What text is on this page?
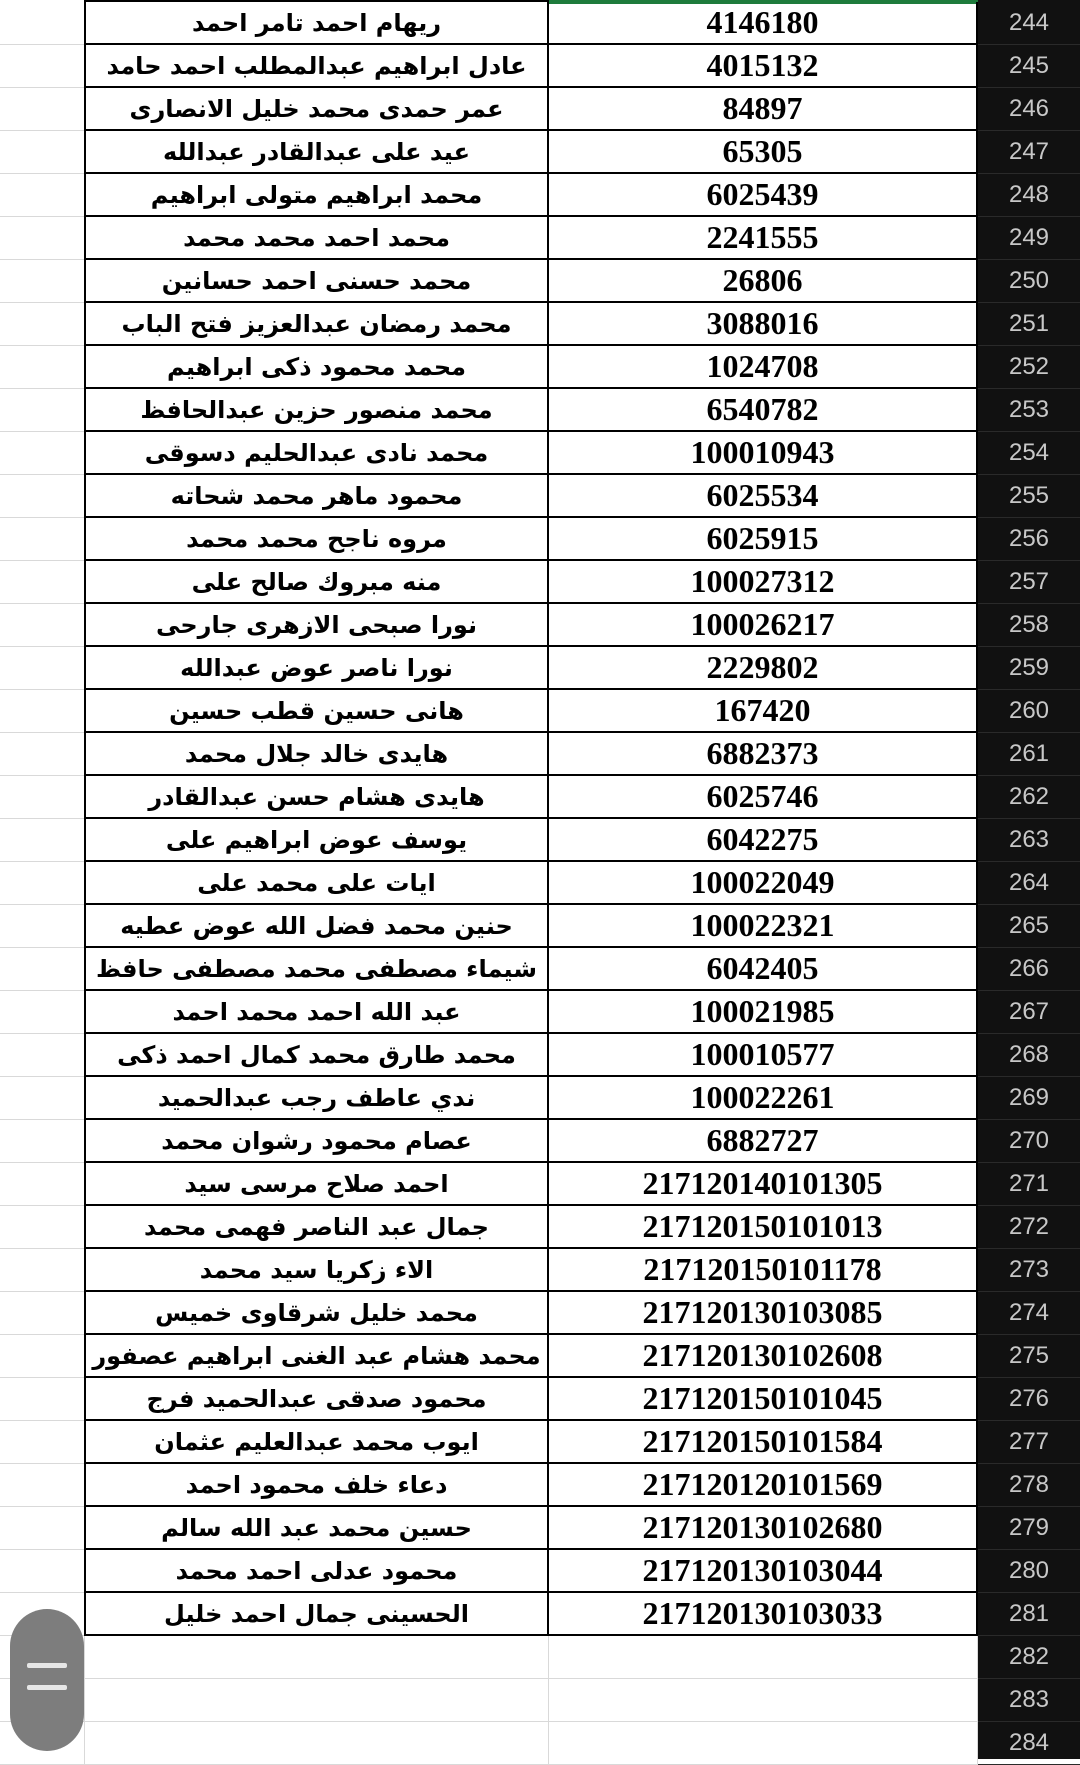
ريهام احمد تامر احمد	4146180
عادل ابراهيم عبدالمطلب احمد حامد	4015132
عمر حمدى محمد خليل الانصارى	84897
عيد على عبدالقادر عبدالله	65305
محمد ابراهيم متولى ابراهيم	6025439
محمد احمد محمد محمد	2241555
محمد حسنى احمد حسانين	26806
محمد رمضان عبدالعزيز فتح الباب	3088016
محمد محمود ذكى ابراهيم	1024708
محمد منصور حزين عبدالحافظ	6540782
محمد نادى عبدالحليم دسوقى	100010943
محمود ماهر محمد شحاته	6025534
مروه ناجح محمد محمد	6025915
منه مبروك صالح على	100027312
نورا صبحى الازهرى جارحى	100026217
نورا ناصر عوض عبدالله	2229802
هانى حسين قطب حسين	167420
هايدى خالد جلال محمد	6882373
هايدى هشام حسن عبدالقادر	6025746
يوسف عوض ابراهيم على	6042275
ايات على محمد على	100022049
حنين محمد فضل الله عوض عطيه	100022321
شيماء مصطفى محمد مصطفى حافظ	6042405
عبد الله احمد محمد احمد	100021985
محمد طارق محمد كمال احمد ذكى	100010577
ندي عاطف رجب عبدالحميد	100022261
عصام محمود رشوان محمد	6882727
احمد صلاح مرسى سيد	217120140101305
جمال عبد الناصر فهمى محمد	217120150101013
الاء زكريا سيد محمد	217120150101178
محمد خليل شرقاوى خميس	217120130103085
محمد هشام عبد الغنى ابراهيم عصفور	217120130102608
محمود صدقى عبدالحميد فرج	217120150101045
ايوب محمد عبدالعليم عثمان	217120150101584
دعاء خلف محمود احمد	217120120101569
حسين محمد عبد الله سالم	217120130102680
محمود عدلى احمد محمد	217120130103044
الحسينى جمال احمد خليل	217120130103033
244
245
246
247
248
249
250
251
252
253
254
255
256
257
258
259
260
261
262
263
264
265
266
267
268
269
270
271
272
273
274
275
276
277
278
279
280
281
282
283
284
